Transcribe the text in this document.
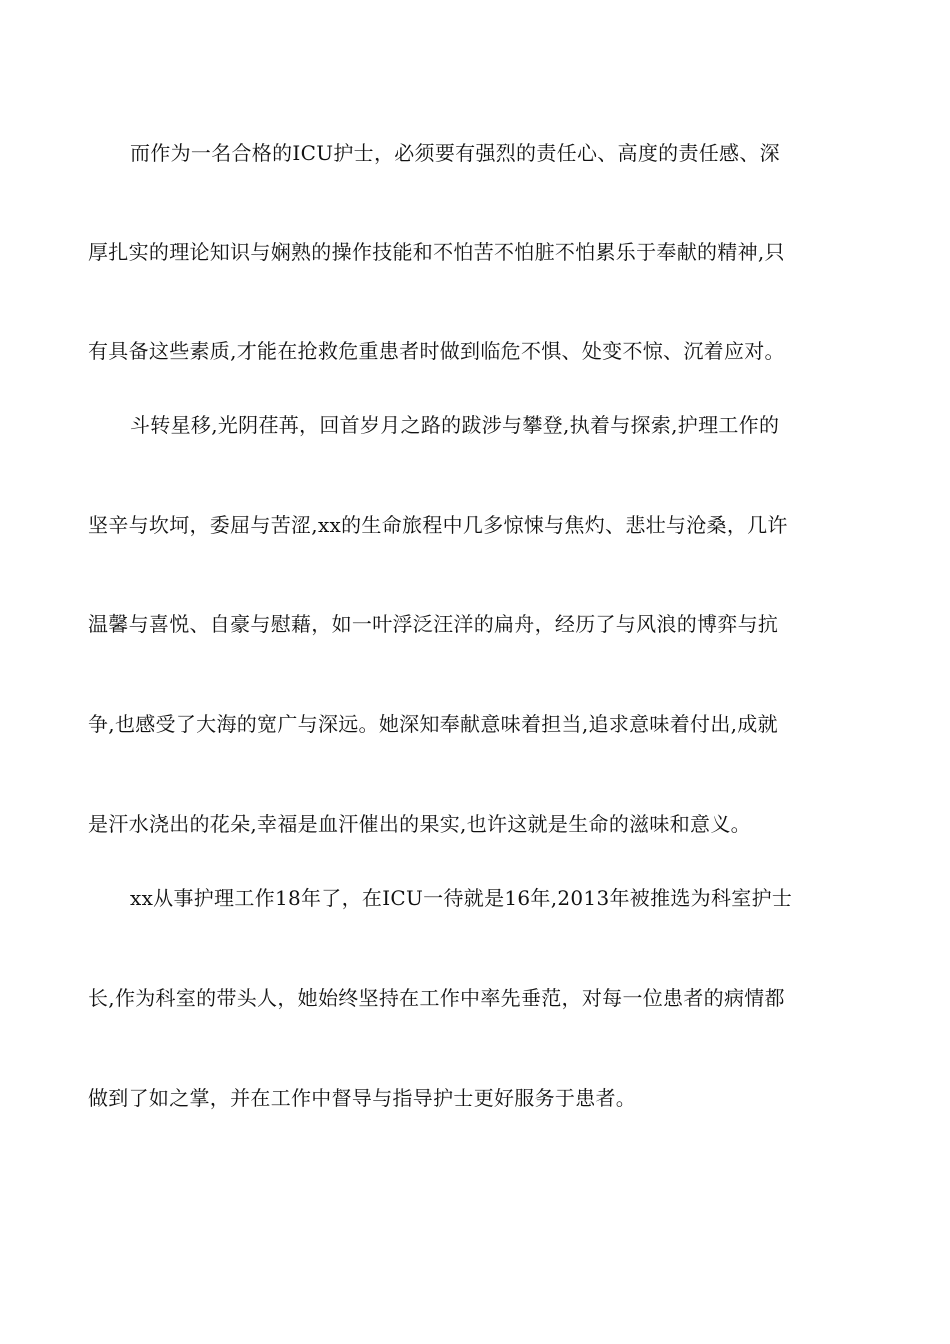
而作为一名合格的ICU护士，必须要有强烈的责任心、高度的责任感、深
厚扎实的理论知识与娴熟的操作技能和不怕苦不怕脏不怕累乐于奉献的精神,只
有具备这些素质,才能在抢救危重患者时做到临危不惧、处变不惊、沉着应对。
斗转星移,光阴荏苒，回首岁月之路的跋涉与攀登,执着与探索,护理工作的
坚辛与坎坷，委屈与苦涩,xx的生命旅程中几多惊悚与焦灼、悲壮与沧桑，几许
温馨与喜悦、自豪与慰藉，如一叶浮泛汪洋的扁舟，经历了与风浪的博弈与抗
争,也感受了大海的宽广与深远。她深知奉献意味着担当,追求意味着付出,成就
是汗水浇出的花朵,幸福是血汗催出的果实,也许这就是生命的滋味和意义。
xx从事护理工作18年了，在ICU一待就是16年,2013年被推选为科室护士
长,作为科室的带头人，她始终坚持在工作中率先垂范，对每一位患者的病情都
做到了如之掌，并在工作中督导与指导护士更好服务于患者。
